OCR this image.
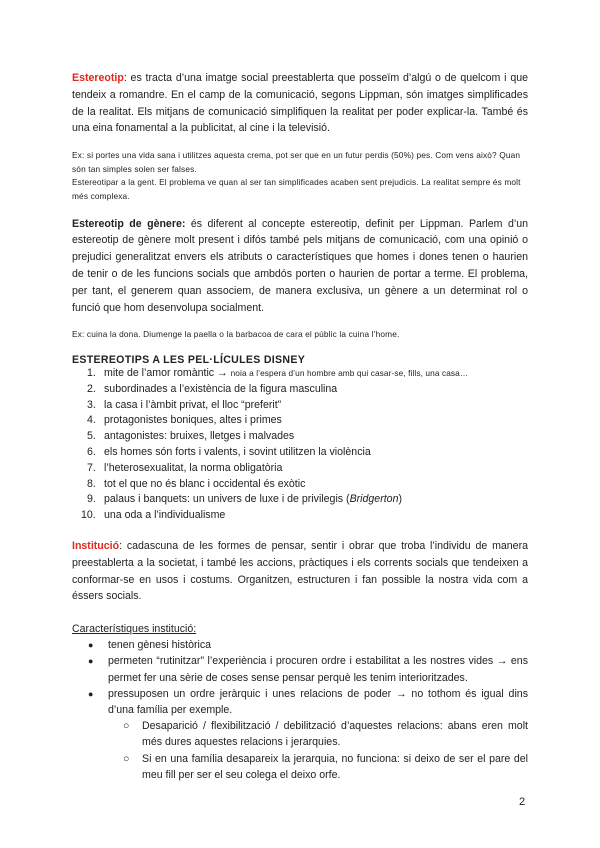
Estereotip: es tracta d’una imatge social preestablerta que posseïm d’algú o de quelcom i que tendeix a romandre. En el camp de la comunicació, segons Lippman, són imatges simplificades de la realitat. Els mitjans de comunicació simplifiquen la realitat per poder explicar-la. També és una eina fonamental a la publicitat, al cine i la televisió.

Ex: si portes una vida sana i utilitzes aquesta crema, pot ser que en un futur perdis (50%) pes. Com vens això? Quan són tan simples solen ser falses.

Estereotipar a la gent. El problema ve quan al ser tan simplificades acaben sent prejudicis. La realitat sempre és molt més complexa.

Estereotip de gènere: és diferent al concepte estereotip, definit per Lippman. Parlem d’un estereotip de gènere molt present i difós també pels mitjans de comunicació, com una opinió o prejudici generalitzat envers els atributs o característiques que homes i dones tenen o haurien de tenir o de les funcions socials que ambdós porten o haurien de portar a terme. El problema, per tant, el generem quan associem, de manera exclusiva, un gènere a un determinat rol o funció que hom desenvolupa socialment.

Ex: cuina la dona. Diumenge la paella o la barbacoa de cara el públic la cuina l’home.

ESTEREOTIPS A LES PEL·LÍCULES DISNEY

1. mite de l’amor romàntic → noia a l’espera d’un hombre amb qui casar-se, fills, una casa…
2. subordinades a l’existència de la figura masculina
3. la casa i l’àmbit privat, el lloc “preferit”
4. protagonistes boniques, altes i primes
5. antagonistes: bruixes, lletges i malvades
6. els homes són forts i valents, i sovint utilitzen la violència
7. l’heterosexualitat, la norma obligatòria
8. tot el que no és blanc i occidental és exòtic
9. palaus i banquets: un univers de luxe i de privilegis (Bridgerton)
10. una oda a l’individualisme

Institució: cadascuna de les formes de pensar, sentir i obrar que troba l’individu de manera preestablerta a la societat, i també les accions, pràctiques i els corrents socials que tendeixen a conformar-se en usos i costums. Organitzen, estructuren i fan possible la nostra vida com a éssers socials.

Característiques institució:

● tenen gènesi històrica
● permeten “rutinitzar” l’experiència i procuren ordre i estabilitat a les nostres vides → ens permet fer una sèrie de coses sense pensar perquè les tenim interioritzades.
● pressuposen un ordre jeràrquic i unes relacions de poder → no tothom és igual dins d’una família per exemple.
○ Desaparició / flexibilització / debilització d’aquestes relacions: abans eren molt més dures aquestes relacions i jerarquies.
○ Si en una família desapareix la jerarquia, no funciona: si deixo de ser el pare del meu fill per ser el seu colega el deixo orfe.
2
